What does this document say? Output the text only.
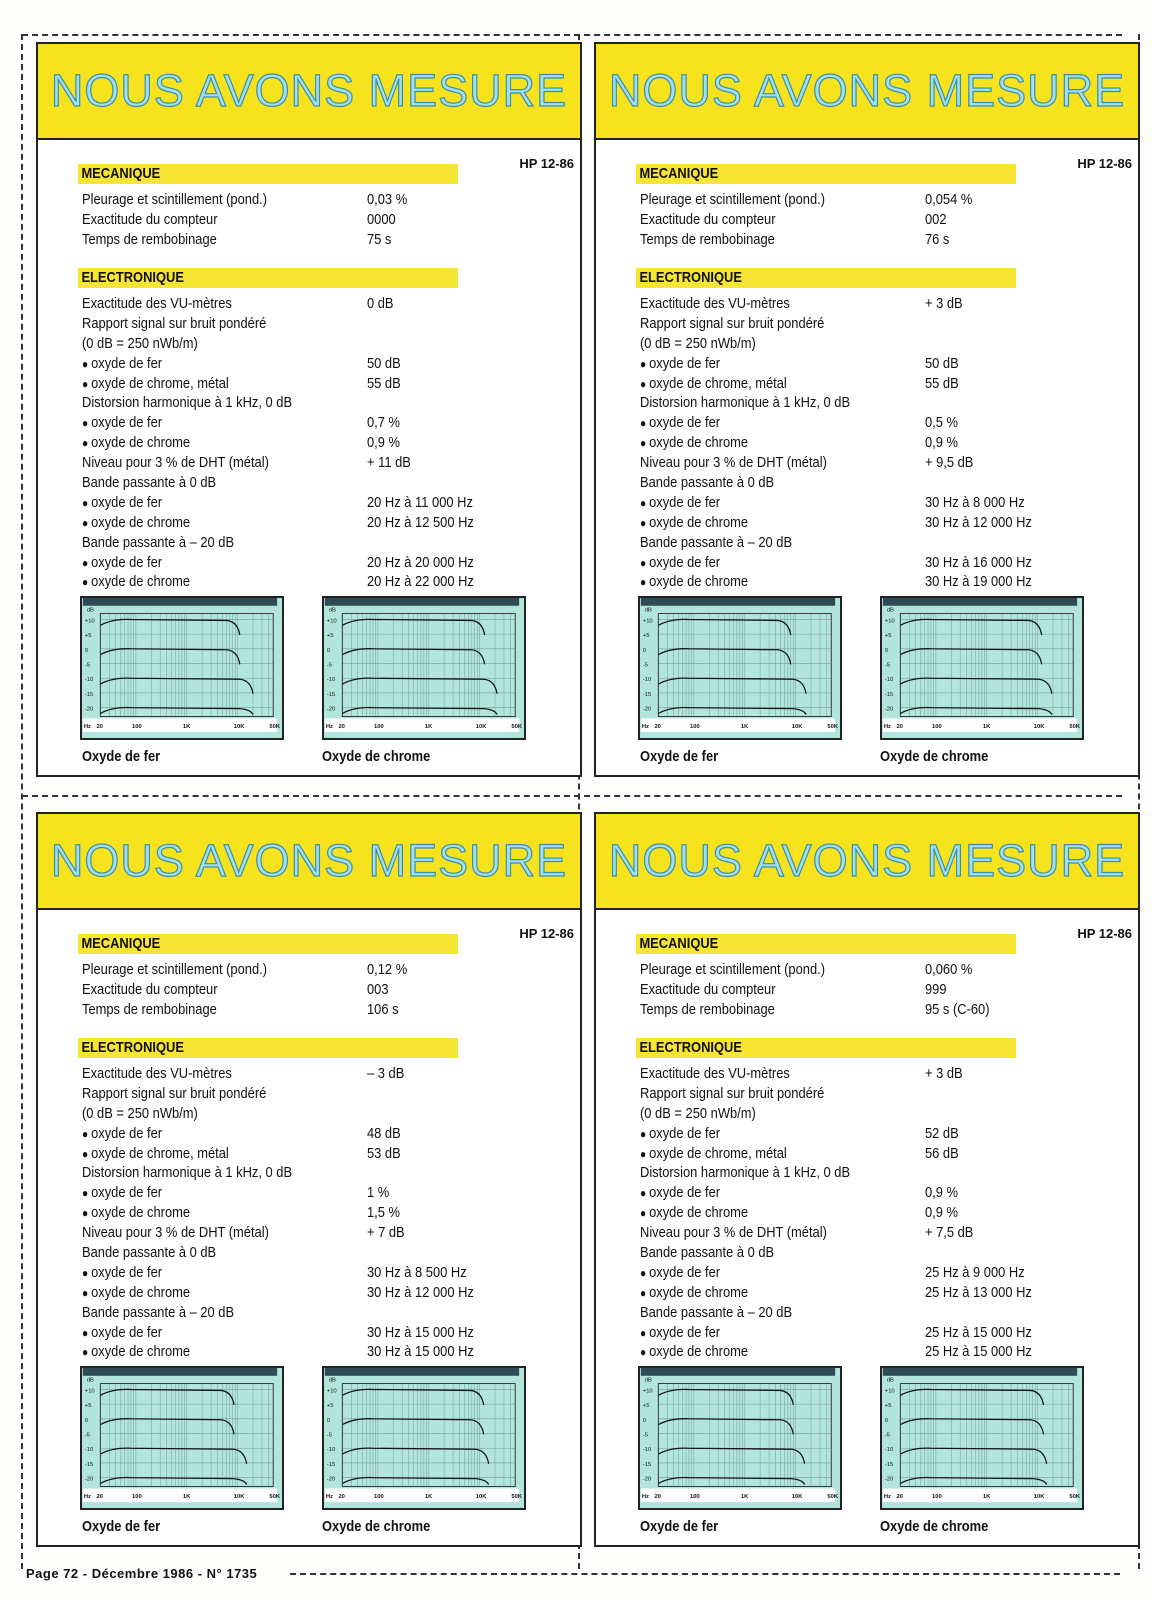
NOUS AVONS MESURE
HP 12-86
MECANIQUE
Pleurage et scintillement (pond.)	0,03 %
Exactitude du compteur	0000
Temps de rembobinage	75 s
ELECTRONIQUE
Exactitude des VU-mètres	0 dB
Rapport signal sur bruit pondéré
(0 dB = 250 nWb/m)
● oxyde de fer	50 dB
● oxyde de chrome, métal	55 dB
Distorsion harmonique à 1 kHz, 0 dB
● oxyde de fer	0,7 %
● oxyde de chrome	0,9 %
Niveau pour 3 % de DHT (métal)	+ 11 dB
Bande passante à 0 dB
● oxyde de fer	20 Hz à 11 000 Hz
● oxyde de chrome	20 Hz à 12 500 Hz
Bande passante à – 20 dB
● oxyde de fer	20 Hz à 20 000 Hz
● oxyde de chrome	20 Hz à 22 000 Hz
+10
+5
0
-5
-10
-15
-20
dB
Hz 20	100	1K	10K	50K
+10
+5
0
-5
-10
-15
-20
dB
Hz 20	100	1K	10K	50K
Oxyde de fer	Oxyde de chrome
NOUS AVONS MESURE
HP 12-86
MECANIQUE
Pleurage et scintillement (pond.)	0,054 %
Exactitude du compteur	002
Temps de rembobinage	76 s
ELECTRONIQUE
Exactitude des VU-mètres	+ 3 dB
Rapport signal sur bruit pondéré
(0 dB = 250 nWb/m)
● oxyde de fer	50 dB
● oxyde de chrome, métal	55 dB
Distorsion harmonique à 1 kHz, 0 dB
● oxyde de fer	0,5 %
● oxyde de chrome	0,9 %
Niveau pour 3 % de DHT (métal)	+ 9,5 dB
Bande passante à 0 dB
● oxyde de fer	30 Hz à 8 000 Hz
● oxyde de chrome	30 Hz à 12 000 Hz
Bande passante à – 20 dB
● oxyde de fer	30 Hz à 16 000 Hz
● oxyde de chrome	30 Hz à 19 000 Hz
+10
+5
0
-5
-10
-15
-20
dB
Hz 20	100	1K	10K	50K
+10
+5
0
-5
-10
-15
-20
dB
Hz 20	100	1K	10K	50K
Oxyde de fer	Oxyde de chrome
NOUS AVONS MESURE
HP 12-86
MECANIQUE
Pleurage et scintillement (pond.)	0,12 %
Exactitude du compteur	003
Temps de rembobinage	106 s
ELECTRONIQUE
Exactitude des VU-mètres	– 3 dB
Rapport signal sur bruit pondéré
(0 dB = 250 nWb/m)
● oxyde de fer	48 dB
● oxyde de chrome, métal	53 dB
Distorsion harmonique à 1 kHz, 0 dB
● oxyde de fer	1 %
● oxyde de chrome	1,5 %
Niveau pour 3 % de DHT (métal)	+ 7 dB
Bande passante à 0 dB
● oxyde de fer	30 Hz à 8 500 Hz
● oxyde de chrome	30 Hz à 12 000 Hz
Bande passante à – 20 dB
● oxyde de fer	30 Hz à 15 000 Hz
● oxyde de chrome	30 Hz à 15 000 Hz
+10
+5
0
-5
-10
-15
-20
dB
Hz 20	100	1K	10K	50K
+10
+5
0
-5
-10
-15
-20
dB
Hz 20	100	1K	10K	50K
Oxyde de fer	Oxyde de chrome
NOUS AVONS MESURE
HP 12-86
MECANIQUE
Pleurage et scintillement (pond.)	0,060 %
Exactitude du compteur	999
Temps de rembobinage	95 s (C-60)
ELECTRONIQUE
Exactitude des VU-mètres	+ 3 dB
Rapport signal sur bruit pondéré
(0 dB = 250 nWb/m)
● oxyde de fer	52 dB
● oxyde de chrome, métal	56 dB
Distorsion harmonique à 1 kHz, 0 dB
● oxyde de fer	0,9 %
● oxyde de chrome	0,9 %
Niveau pour 3 % de DHT (métal)	+ 7,5 dB
Bande passante à 0 dB
● oxyde de fer	25 Hz à 9 000 Hz
● oxyde de chrome	25 Hz à 13 000 Hz
Bande passante à – 20 dB
● oxyde de fer	25 Hz à 15 000 Hz
● oxyde de chrome	25 Hz à 15 000 Hz
+10
+5
0
-5
-10
-15
-20
dB
Hz 20	100	1K	10K	50K
+10
+5
0
-5
-10
-15
-20
dB
Hz 20	100	1K	10K	50K
Oxyde de fer	Oxyde de chrome
Page 72 - Décembre 1986 - N° 1735
